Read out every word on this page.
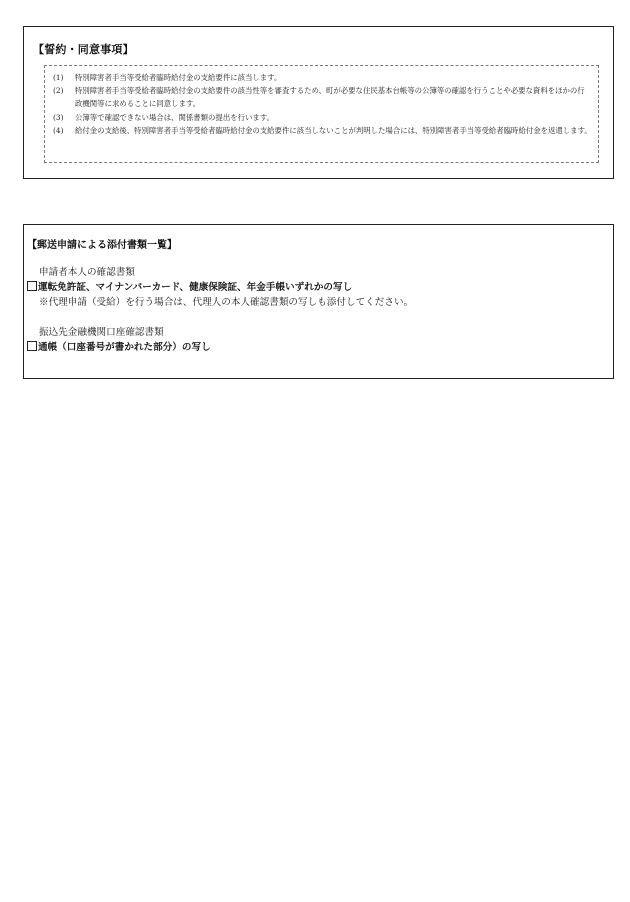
【誓約・同意事項】
(1)	特別障害者手当等受給者臨時給付金の支給要件に該当します。
(2)	特別障害者手当等受給者臨時給付金の支給要件の該当性等を審査するため、町が必要な住民基本台帳等の公簿等の確認を行うことや必要な資料をほかの行政機関等に求めることに同意します。
(3)	公簿等で確認できない場合は、関係書類の提出を行います。
(4)	給付金の支給後、特別障害者手当等受給者臨時給付金の支給要件に該当しないことが判明した場合には、特別障害者手当等受給者臨時給付金を返還します。
【郵送申請による添付書類一覧】
申請者本人の確認書類
運転免許証、マイナンバーカード、健康保険証、年金手帳いずれかの写し
※代理申請（受給）を行う場合は、代理人の本人確認書類の写しも添付してください。
振込先金融機関口座確認書類
通帳（口座番号が書かれた部分）の写し
